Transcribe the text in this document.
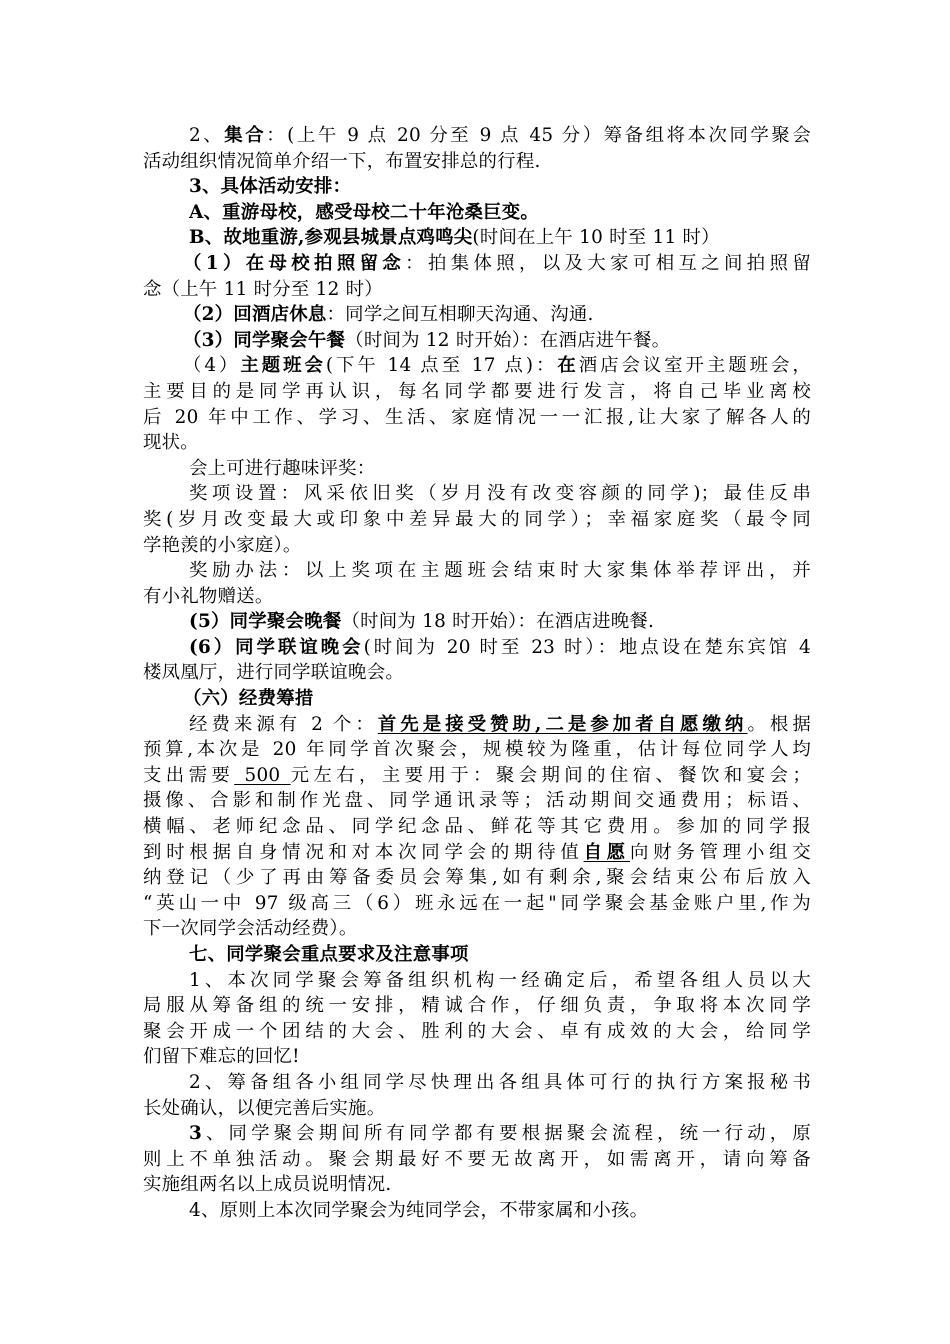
2、集合：(上午 9 点 20 分至 9 点 45 分）筹备组将本次同学聚会
活动组织情况简单介绍一下，布置安排总的行程.
3、具体活动安排：
A、重游母校，感受母校二十年沧桑巨变。
B、故地重游,参观县城景点鸡鸣尖(时间在上午 10 时至 11 时）
（1）在母校拍照留念：拍集体照，以及大家可相互之间拍照留
念（上午 11 时分至 12 时）
（2）回酒店休息：同学之间互相聊天沟通、沟通.
（3）同学聚会午餐（时间为 12 时开始）：在酒店进午餐。
（4）主题班会(下午 14 点至 17 点)：在酒店会议室开主题班会，
主要目的是同学再认识，每名同学都要进行发言，将自己毕业离校
后 20 年中工作、学习、生活、家庭情况一一汇报,让大家了解各人的
现状。
会上可进行趣味评奖：
奖项设置：风采依旧奖（岁月没有改变容颜的同学)；最佳反串
奖(岁月改变最大或印象中差异最大的同学）；幸福家庭奖（最令同
学艳羡的小家庭）。
奖励办法：以上奖项在主题班会结束时大家集体举荐评出，并
有小礼物赠送。
(5）同学聚会晚餐（时间为 18 时开始）：在酒店进晚餐.
(6）同学联谊晚会(时间为 20 时至 23 时）：地点设在楚东宾馆 4
楼凤凰厅，进行同学联谊晚会。
（六）经费筹措
经费来源有 2 个：首先是接受赞助,二是参加者自愿缴纳。根据
预算,本次是 20 年同学首次聚会，规模较为隆重，估计每位同学人均
支出需要 500 元左右，主要用于：聚会期间的住宿、餐饮和宴会；
摄像、合影和制作光盘、同学通讯录等；活动期间交通费用；标语、
横幅、老师纪念品、同学纪念品、鲜花等其它费用。参加的同学报
到时根据自身情况和对本次同学会的期待值自愿向财务管理小组交
纳登记（少了再由筹备委员会筹集,如有剩余,聚会结束公布后放入
“英山一中 97 级高三（6）班永远在一起"同学聚会基金账户里,作为
下一次同学会活动经费）。
七、同学聚会重点要求及注意事项
1、本次同学聚会筹备组织机构一经确定后，希望各组人员以大
局服从筹备组的统一安排，精诚合作，仔细负责，争取将本次同学
聚会开成一个团结的大会、胜利的大会、卓有成效的大会，给同学
们留下难忘的回忆!
2、筹备组各小组同学尽快理出各组具体可行的执行方案报秘书
长处确认，以便完善后实施。
3、同学聚会期间所有同学都有要根据聚会流程，统一行动，原
则上不单独活动。聚会期最好不要无故离开，如需离开，请向筹备
实施组两名以上成员说明情况.
4、原则上本次同学聚会为纯同学会，不带家属和小孩。
